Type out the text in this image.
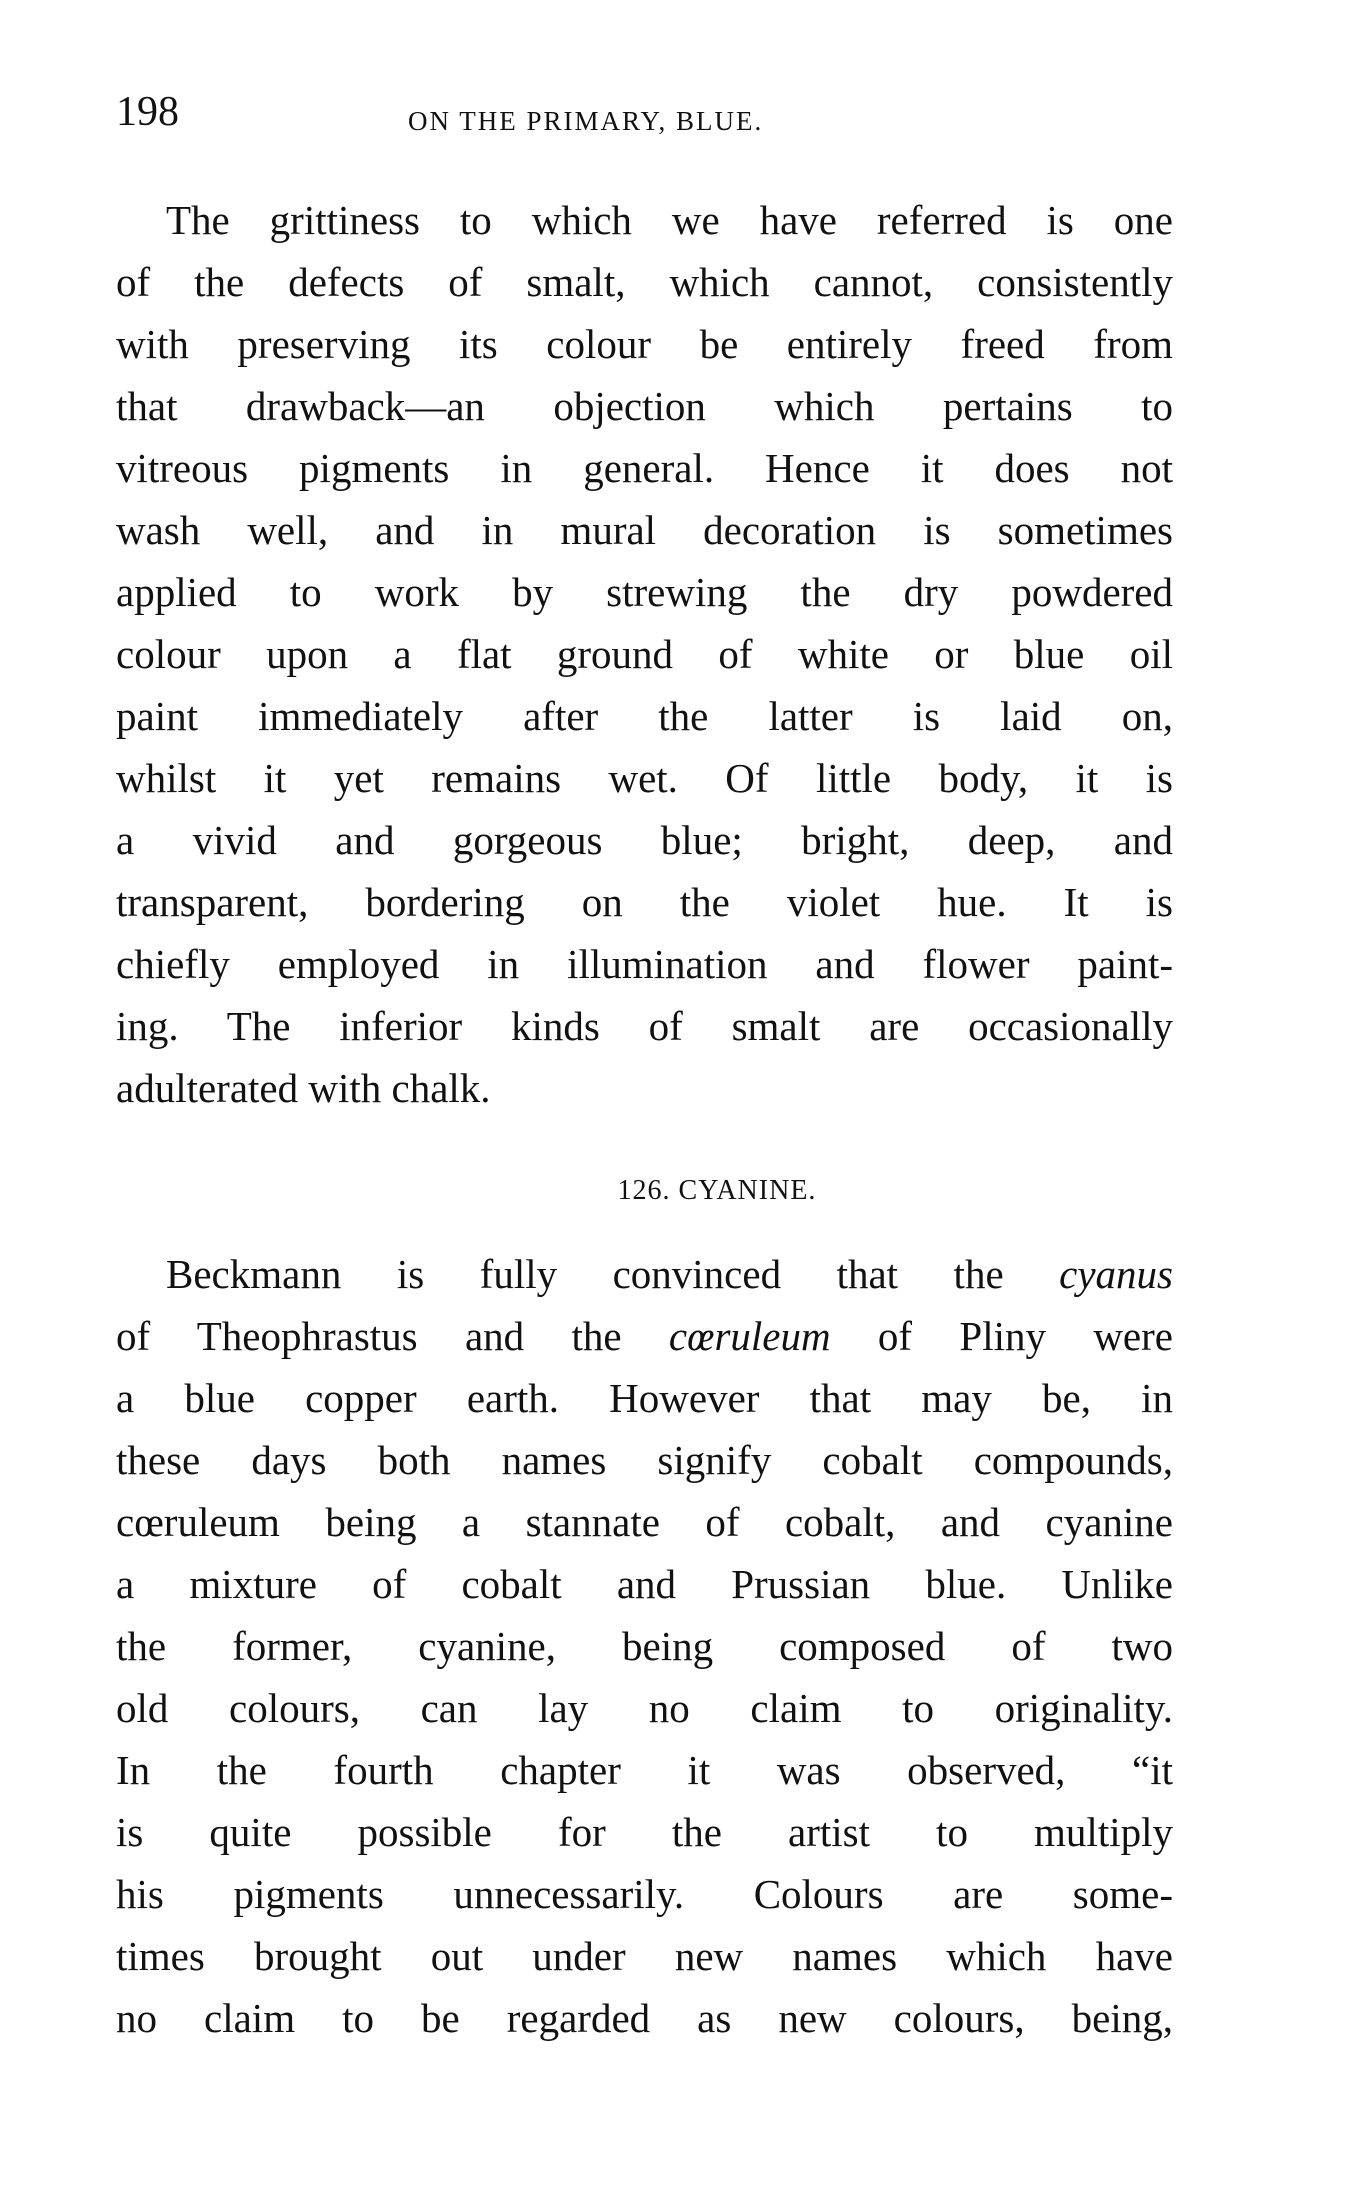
198	ON THE PRIMARY, BLUE.
The grittiness to which we have referred is one
of the defects of smalt, which cannot, consistently
with preserving its colour be entirely freed from
that drawback—an objection which pertains to
vitreous pigments in general. Hence it does not
wash well, and in mural decoration is sometimes
applied to work by strewing the dry powdered
colour upon a flat ground of white or blue oil
paint immediately after the latter is laid on,
whilst it yet remains wet. Of little body, it is
a vivid and gorgeous blue; bright, deep, and
transparent, bordering on the violet hue. It is
chiefly employed in illumination and flower paint-
ing. The inferior kinds of smalt are occasionally
adulterated with chalk.
126. CYANINE.
Beckmann is fully convinced that the cyanus
of Theophrastus and the cœruleum of Pliny were
a blue copper earth. However that may be, in
these days both names signify cobalt compounds,
cœruleum being a stannate of cobalt, and cyanine
a mixture of cobalt and Prussian blue. Unlike
the former, cyanine, being composed of two
old colours, can lay no claim to originality.
In the fourth chapter it was observed, “it
is quite possible for the artist to multiply
his pigments unnecessarily. Colours are some-
times brought out under new names which have
no claim to be regarded as new colours, being,
